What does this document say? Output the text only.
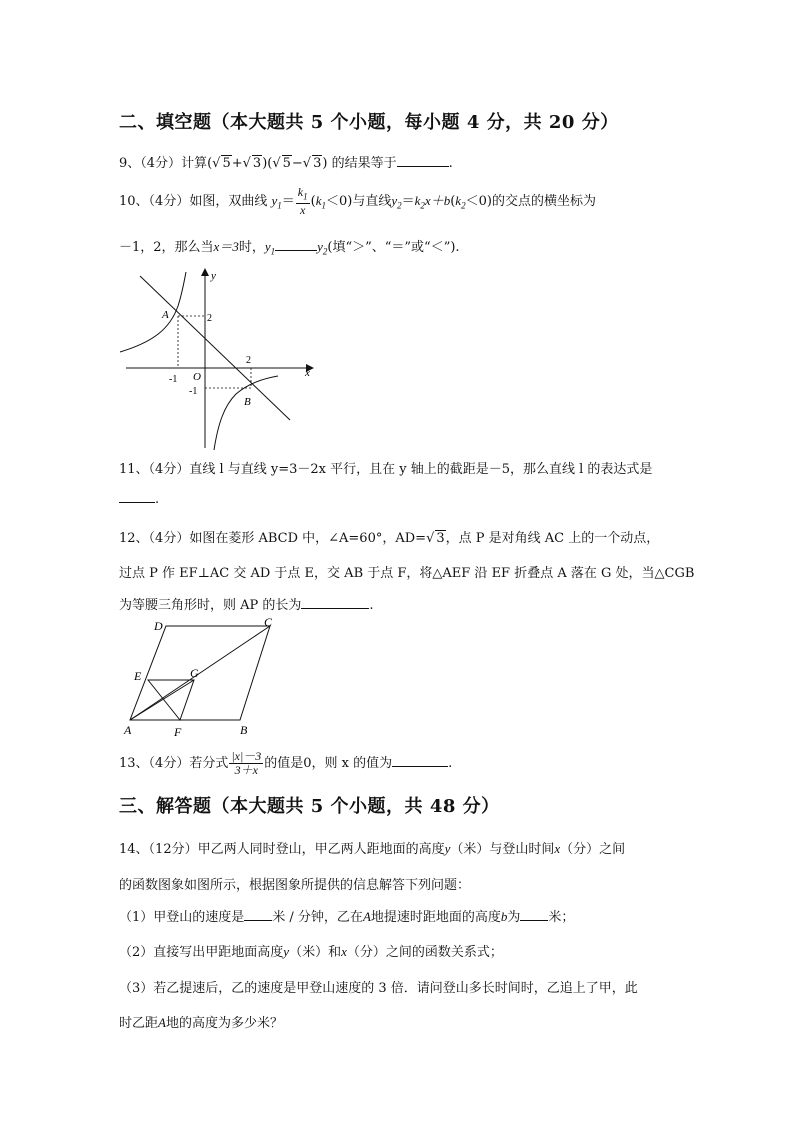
二、填空题（本大题共 5 个小题，每小题 4 分，共 20 分）
9、（4分）计算(√ 5+√ 3)(√ 5−√ 3) 的结果等于	.
10、（4分）如图，双曲线 $y_1= \frac{k_1}{x} (k_1<0)$与直线$y_2=k_2x+b(k_2<0)$的交点的横坐标为
－1，2，那么当x＝3时，$y_1$	$y_2$(填“＞”、“＝”或“＜”).
y
x
O
A
B
2
2
-1
-1
11、（4分）直线 l 与直线 y=3－2x 平行，且在 y 轴上的截距是－5，那么直线 l 的表达式是
.
12、（4分）如图在菱形 ABCD 中，∠A=60°，AD=√ 3，点 P 是对角线 AC 上的一个动点，
过点 P 作 EF⊥AC 交 AD 于点 E，交 AB 于点 F，将△AEF 沿 EF 折叠点 A 落在 G 处，当△CGB
为等腰三角形时，则 AP 的长为	.
A	B
C
D
E
F
G
13、（4分）若分式 $\frac{|x|-3}{3+x}$ 的值是0，则 x 的值为	.
三、解答题（本大题共 5 个小题，共 48 分）
14、（12分）甲乙两人同时登山，甲乙两人距地面的高度y（米）与登山时间x（分）之间
的函数图象如图所示，根据图象所提供的信息解答下列问题：
（1）甲登山的速度是 米 / 分钟，乙在A地提速时距地面的高度b为 米；
（2）直接写出甲距地面高度y（米）和x（分）之间的函数关系式；
（3）若乙提速后，乙的速度是甲登山速度的 3 倍．请问登山多长时间时，乙追上了甲，此
时乙距A地的高度为多少米？
